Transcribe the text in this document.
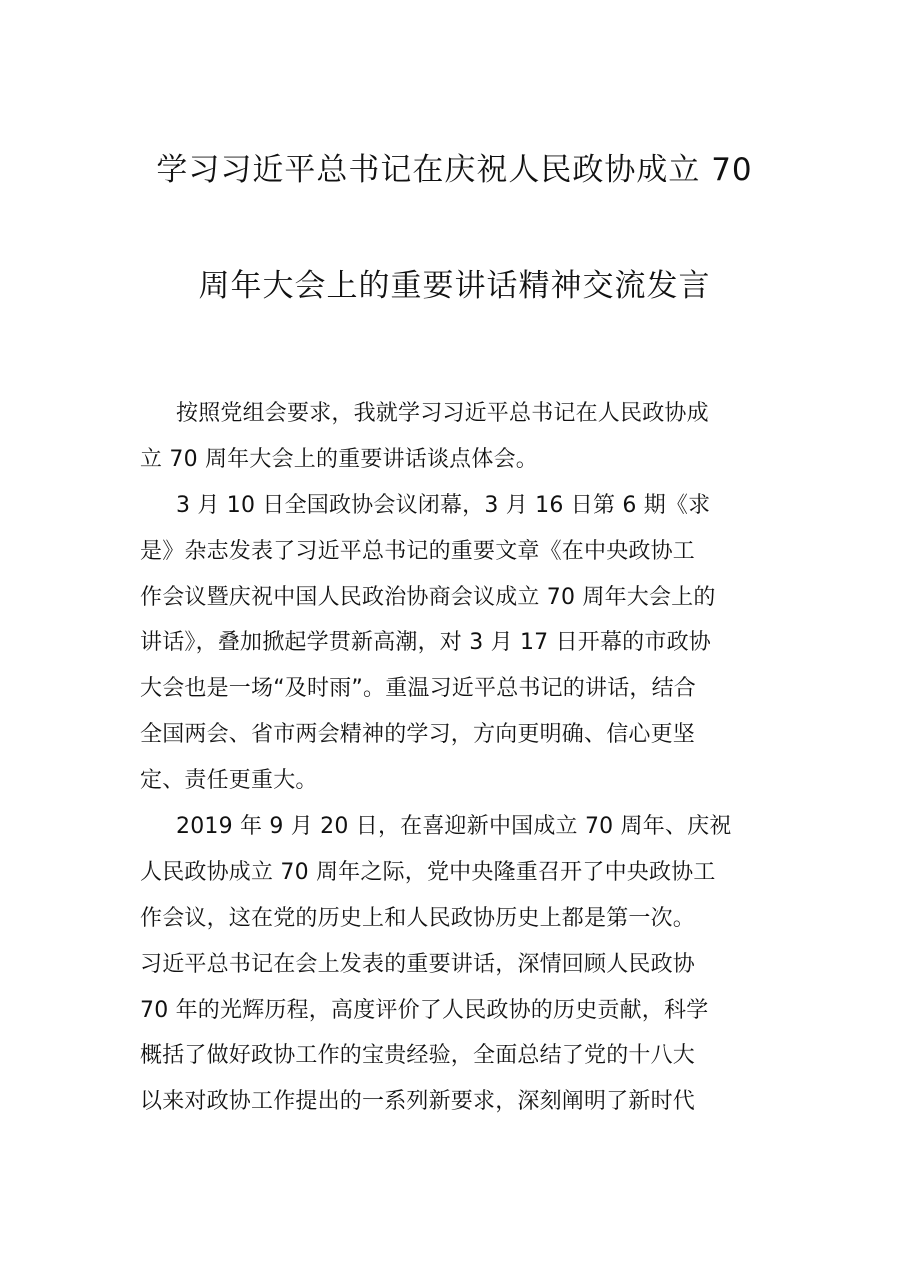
学习习近平总书记在庆祝人民政协成立 70
周年大会上的重要讲话精神交流发言
按照党组会要求，我就学习习近平总书记在人民政协成
立 70 周年大会上的重要讲话谈点体会。
3 月 10 日全国政协会议闭幕，3 月 16 日第 6 期《求
是》杂志发表了习近平总书记的重要文章《在中央政协工
作会议暨庆祝中国人民政治协商会议成立 70 周年大会上的
讲话》，叠加掀起学贯新高潮，对 3 月 17 日开幕的市政协
大会也是一场“及时雨”。重温习近平总书记的讲话，结合
全国两会、省市两会精神的学习，方向更明确、信心更坚
定、责任更重大。
2019 年 9 月 20 日，在喜迎新中国成立 70 周年、庆祝
人民政协成立 70 周年之际，党中央隆重召开了中央政协工
作会议，这在党的历史上和人民政协历史上都是第一次。
习近平总书记在会上发表的重要讲话，深情回顾人民政协
70 年的光辉历程，高度评价了人民政协的历史贡献，科学
概括了做好政协工作的宝贵经验，全面总结了党的十八大
以来对政协工作提出的一系列新要求，深刻阐明了新时代
